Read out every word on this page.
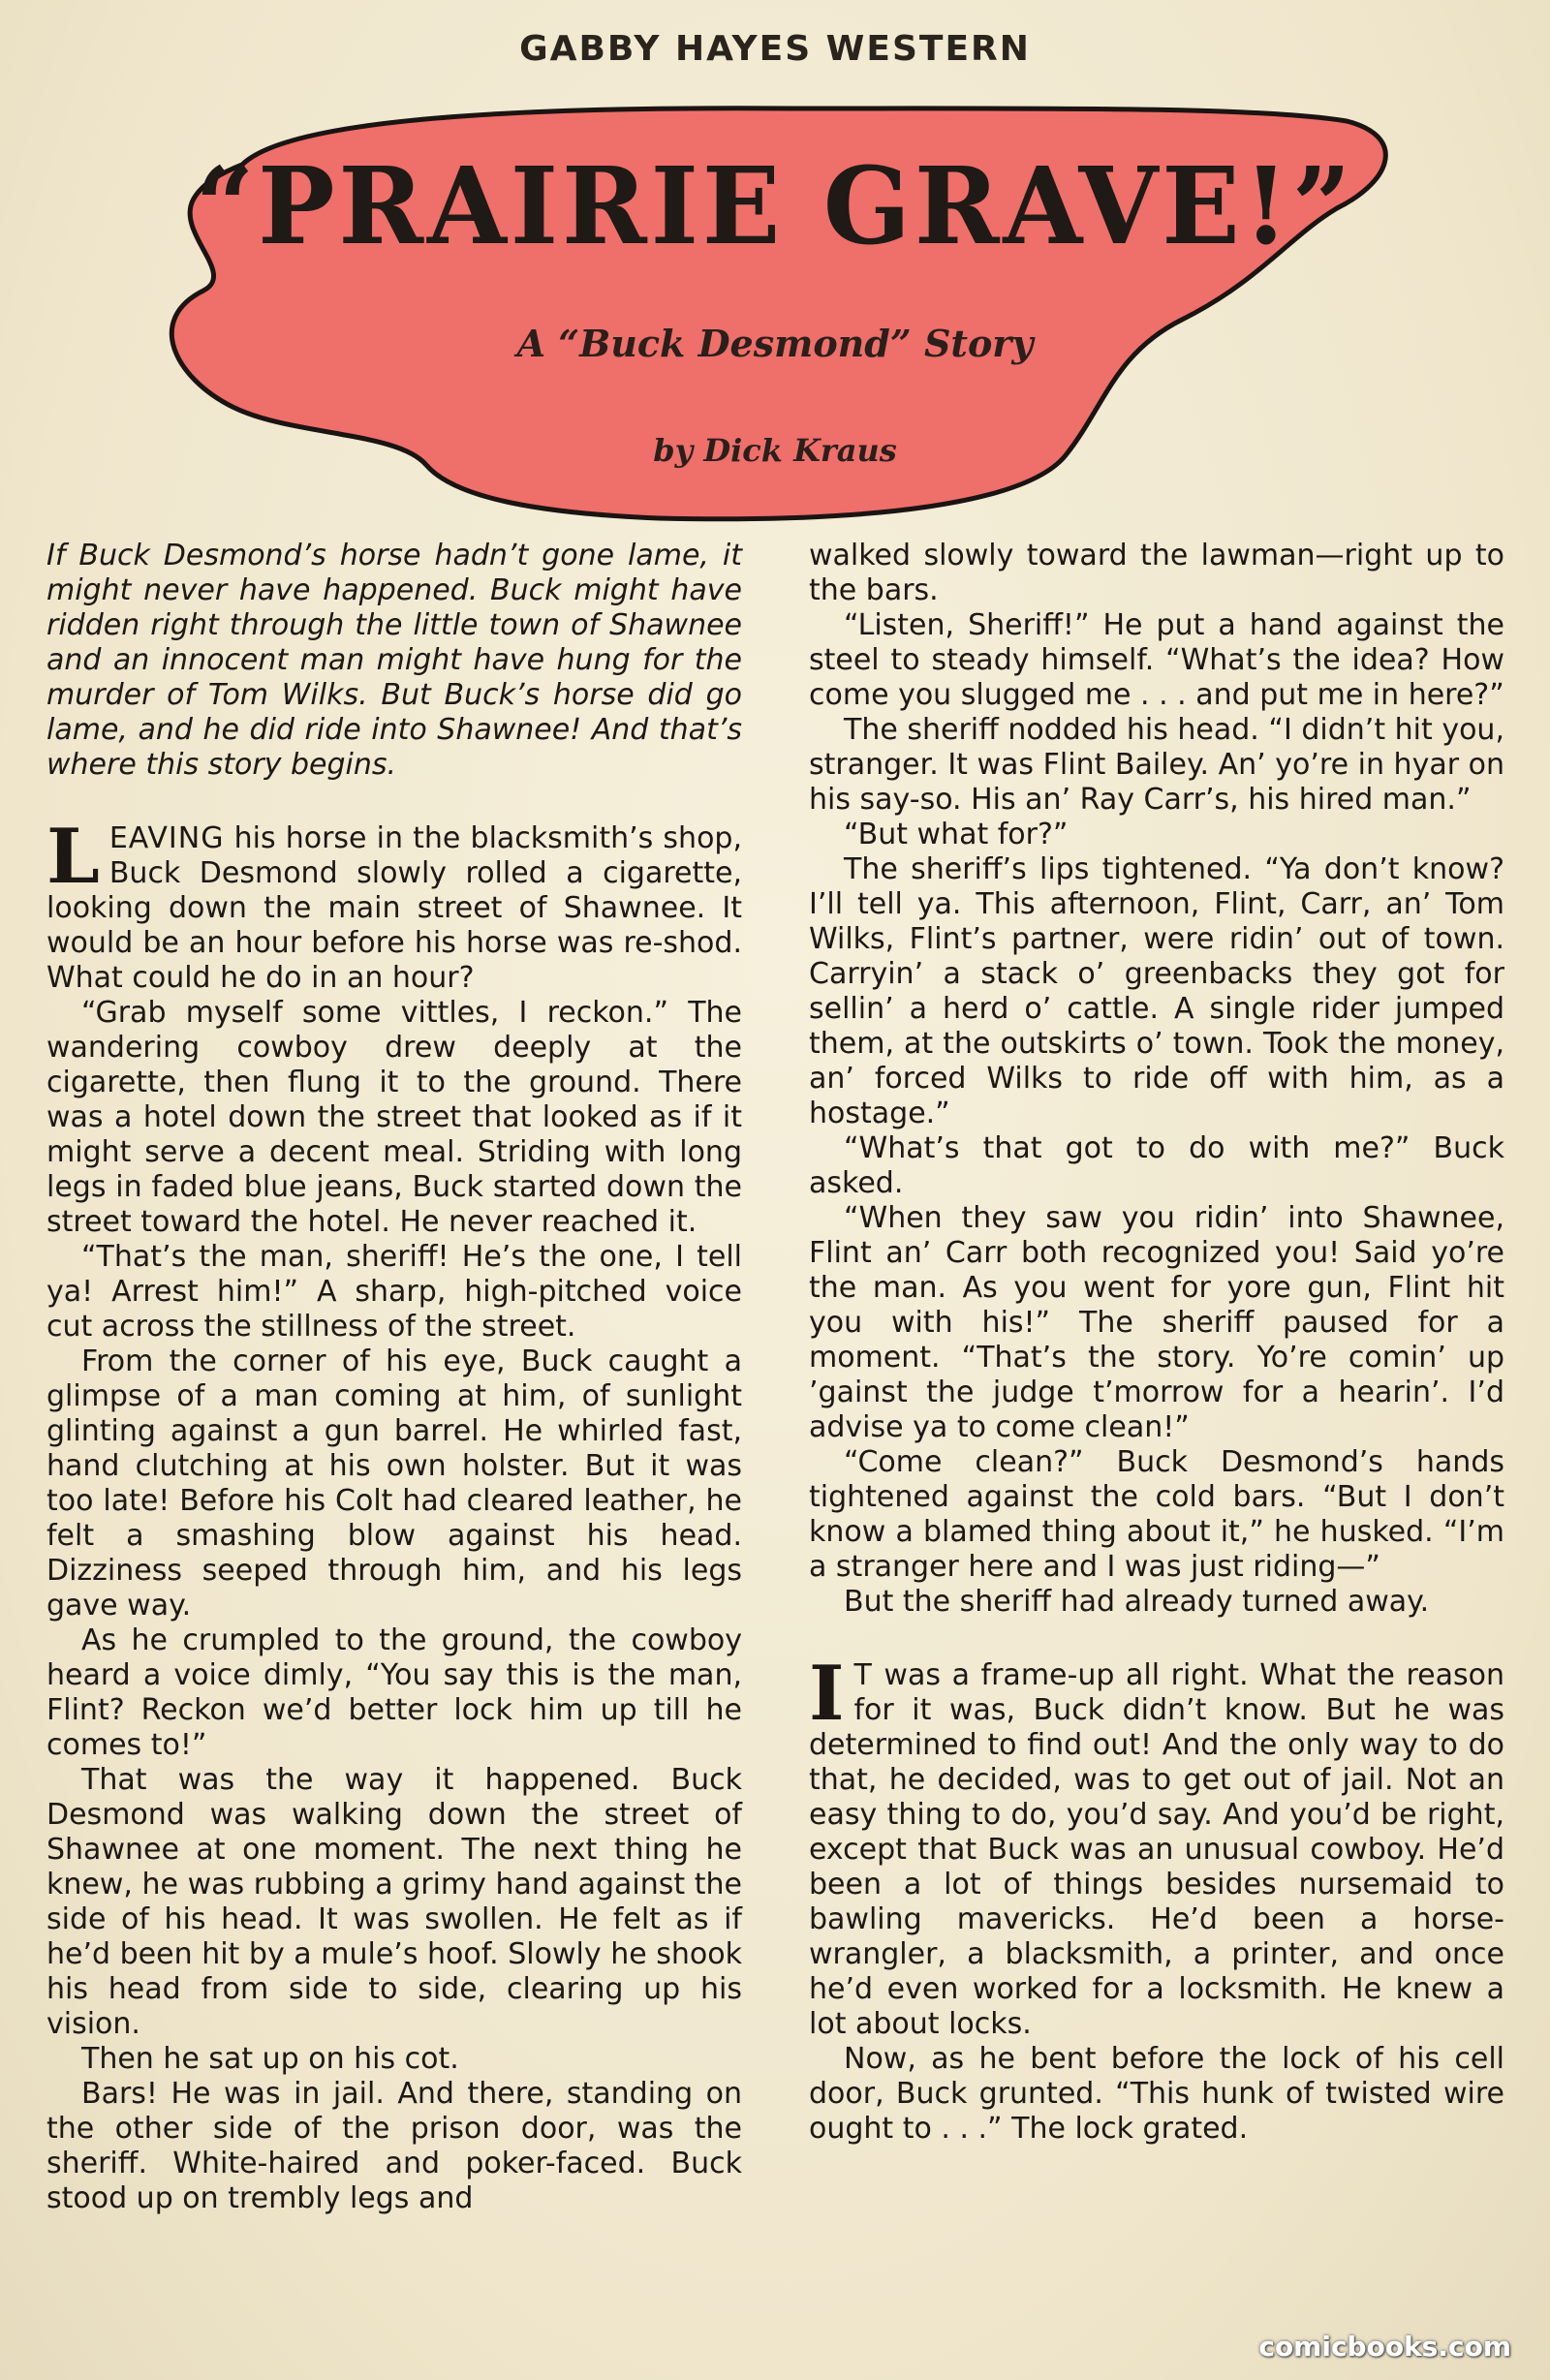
GABBY HAYES WESTERN
“PRAIRIE GRAVE!”
A “Buck Desmond” Story
by Dick Kraus

If Buck Desmond’s horse hadn’t gone lame, it might never have happened. Buck might have ridden right through the little town of Shawnee and an innocent man might have hung for the murder of Tom Wilks. But Buck’s horse did go lame, and he did ride into Shawnee! And that’s where this story begins.

LEAVING his horse in the blacksmith’s shop, Buck Desmond slowly rolled a cigarette, looking down the main street of Shawnee. It would be an hour before his horse was re-shod. What could he do in an hour?

“Grab myself some vittles, I reckon.” The wandering cowboy drew deeply at the cigarette, then flung it to the ground. There was a hotel down the street that looked as if it might serve a decent meal. Striding with long legs in faded blue jeans, Buck started down the street toward the hotel. He never reached it.

“That’s the man, sheriff! He’s the one, I tell ya! Arrest him!” A sharp, high-pitched voice cut across the stillness of the street.

From the corner of his eye, Buck caught a glimpse of a man coming at him, of sunlight glinting against a gun barrel. He whirled fast, hand clutching at his own holster. But it was too late! Before his Colt had cleared leather, he felt a smashing blow against his head. Dizziness seeped through him, and his legs gave way.

As he crumpled to the ground, the cowboy heard a voice dimly, “You say this is the man, Flint? Reckon we’d better lock him up till he comes to!”

That was the way it happened. Buck Desmond was walking down the street of Shawnee at one moment. The next thing he knew, he was rubbing a grimy hand against the side of his head. It was swollen. He felt as if he’d been hit by a mule’s hoof. Slowly he shook his head from side to side, clearing up his vision.

Then he sat up on his cot.

Bars! He was in jail. And there, standing on the other side of the prison door, was the sheriff. White-haired and poker-faced. Buck stood up on trembly legs and

walked slowly toward the lawman—right up to the bars.

“Listen, Sheriff!” He put a hand against the steel to steady himself. “What’s the idea? How come you slugged me . . . and put me in here?”

The sheriff nodded his head. “I didn’t hit you, stranger. It was Flint Bailey. An’ yo’re in hyar on his say-so. His an’ Ray Carr’s, his hired man.”

“But what for?”

The sheriff’s lips tightened. “Ya don’t know? I’ll tell ya. This afternoon, Flint, Carr, an’ Tom Wilks, Flint’s partner, were ridin’ out of town. Carryin’ a stack o’ greenbacks they got for sellin’ a herd o’ cattle. A single rider jumped them, at the outskirts o’ town. Took the money, an’ forced Wilks to ride off with him, as a hostage.”

“What’s that got to do with me?” Buck asked.

“When they saw you ridin’ into Shawnee, Flint an’ Carr both recognized you! Said yo’re the man. As you went for yore gun, Flint hit you with his!” The sheriff paused for a moment. “That’s the story. Yo’re comin’ up ’gainst the judge t’morrow for a hearin’. I’d advise ya to come clean!”

“Come clean?” Buck Desmond’s hands tightened against the cold bars. “But I don’t know a blamed thing about it,” he husked. “I’m a stranger here and I was just riding—”

But the sheriff had already turned away.

I T was a frame-up all right. What the reason for it was, Buck didn’t know. But he was determined to find out! And the only way to do that, he decided, was to get out of jail. Not an easy thing to do, you’d say. And you’d be right, except that Buck was an unusual cowboy. He’d been a lot of things besides nursemaid to bawling mavericks. He’d been a horse-wrangler, a blacksmith, a printer, and once he’d even worked for a locksmith. He knew a lot about locks.

Now, as he bent before the lock of his cell door, Buck grunted. “This hunk of twisted wire ought to . . .” The lock grated.

comicbooks.com
